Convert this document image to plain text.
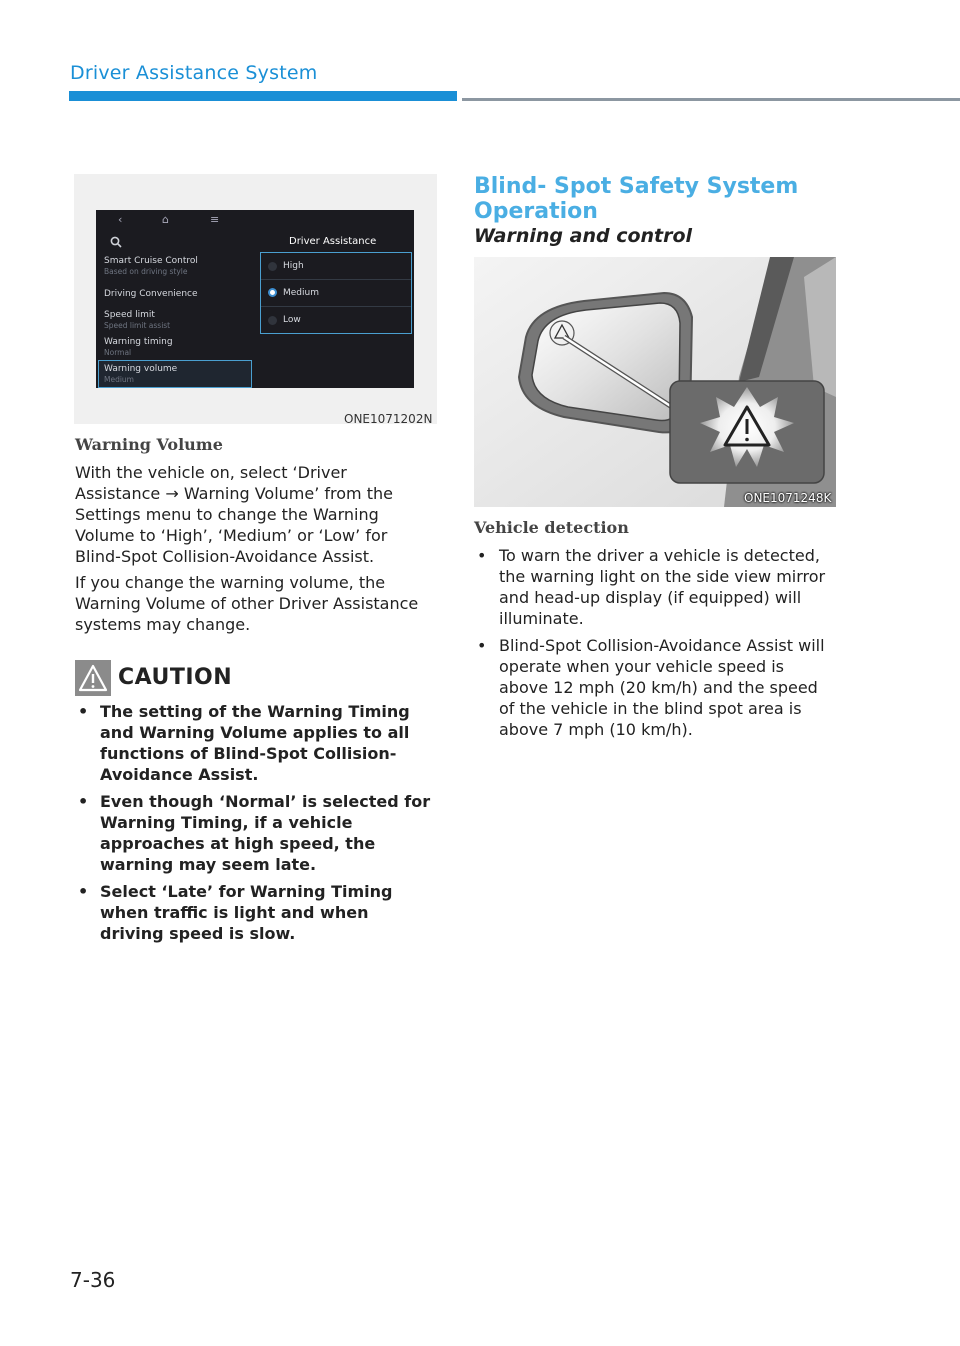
Driver Assistance System
‹	⌂	≡
Driver Assistance
Smart Cruise Control
Based on driving style
Driving Convenience
Speed limit
Speed limit assist
Warning timing
Normal
Warning volume
Medium
High
Medium
Low
ONE1071202N
Warning Volume
With the vehicle on, select ‘Driver Assistance → Warning Volume’ from the Settings menu to change the Warning Volume to ‘High’, ‘Medium’ or ‘Low’ for Blind-Spot Collision-Avoidance Assist.
If you change the warning volume, the Warning Volume of other Driver Assistance systems may change.
CAUTION
• The setting of the Warning Timing and Warning Volume applies to all functions of Blind-Spot Collision-Avoidance Assist.
• Even though ‘Normal’ is selected for Warning Timing, if a vehicle approaches at high speed, the warning may seem late.
• Select ‘Late’ for Warning Timing when traffic is light and when driving speed is slow.
Blind- Spot Safety System Operation
Warning and control
ONE1071248K
Vehicle detection
• To warn the driver a vehicle is detected, the warning light on the side view mirror and head-up display (if equipped) will illuminate.
• Blind-Spot Collision-Avoidance Assist will operate when your vehicle speed is above 12 mph (20 km/h) and the speed of the vehicle in the blind spot area is above 7 mph (10 km/h).
7-36
